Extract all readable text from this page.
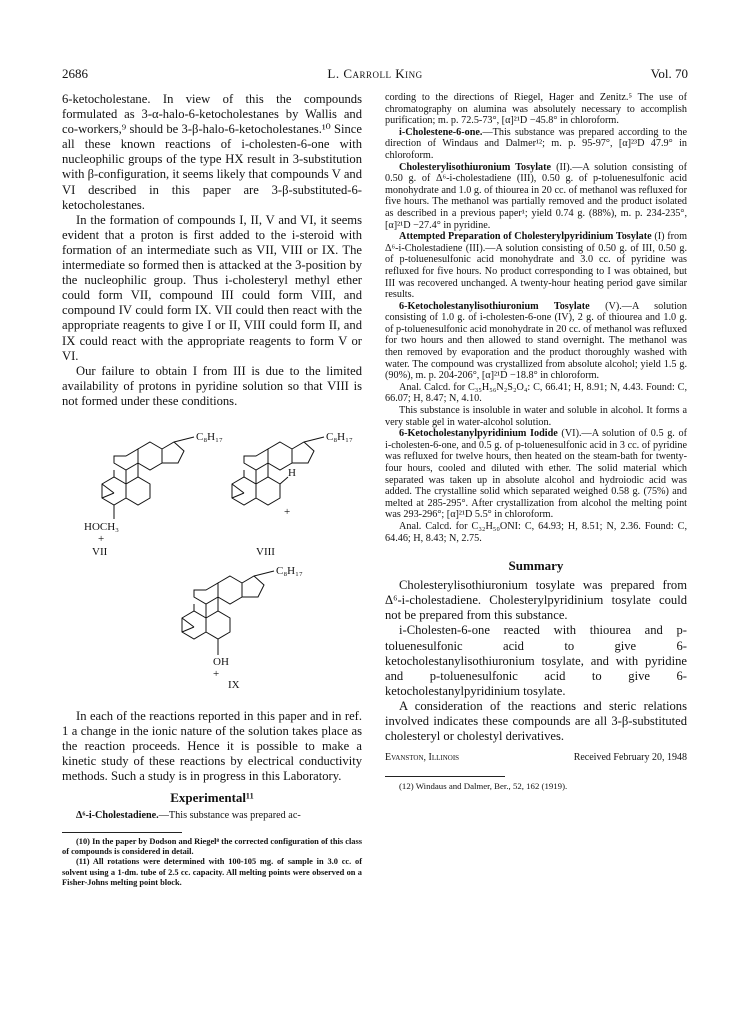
2686	L. Carroll King	Vol. 70

6-ketocholestane. In view of this the compounds formulated as 3-α-halo-6-ketocholestanes by Wallis and co-workers,⁹ should be 3-β-halo-6-ketocholestanes.¹⁰ Since all these known reactions of i-cholesten-6-one with nucleophilic groups of the type HX result in 3-substitution with β-configuration, it seems likely that compounds V and VI described in this paper are 3-β-substituted-6-ketocholestanes.

In the formation of compounds I, II, V and VI, it seems evident that a proton is first added to the i-steroid with formation of an intermediate such as VII, VIII or IX. The intermediate so formed then is attacked at the 3-position by the nucleophilic group. Thus i-cholesteryl methyl ether could form VII, compound III could form VIII, and compound IV could form IX. VII could then react with the appropriate reagents to give I or II, VIII could form II, and IX could react with the appropriate reagents to form V or VI.

Our failure to obtain I from III is due to the limited availability of protons in pyridine solution so that VIII is not formed under these conditions.

C₈H₁₇	C₈H₁₇
C₈H₁₇
HOCH₃
+
+
H
OH
+
VII	VIII
IX

In each of the reactions reported in this paper and in ref. 1 a change in the ionic nature of the solution takes place as the reaction proceeds. Hence it is possible to make a kinetic study of these reactions by electrical conductivity methods. Such a study is in progress in this Laboratory.

Experimental¹¹

Δ⁶-i-Cholestadiene.—This substance was prepared ac-

(10) In the paper by Dodson and Riegel⁸ the corrected configuration of this class of compounds is considered in detail.

(11) All rotations were determined with 100-105 mg. of sample in 3.0 cc. of solvent using a 1-dm. tube of 2.5 cc. capacity. All melting points were observed on a Fisher-Johns melting point block.

cording to the directions of Riegel, Hager and Zenitz.⁵ The use of chromatography on alumina was absolutely necessary to accomplish purification; m. p. 72.5-73°, [α]²¹D −45.8° in chloroform.

i-Cholestene-6-one.—This substance was prepared according to the direction of Windaus and Dalmer¹²; m. p. 95-97°, [α]²³D 47.9° in chloroform.

Cholesterylisothiuronium Tosylate (II).—A solution consisting of 0.50 g. of Δ⁶-i-cholestadiene (III), 0.50 g. of p-toluenesulfonic acid monohydrate and 1.0 g. of thiourea in 20 cc. of methanol was refluxed for five hours. The methanol was partially removed and the product isolated as described in a previous paper¹; yield 0.74 g. (88%), m. p. 234-235°, [α]²¹D −27.4° in pyridine.

Attempted Preparation of Cholesterylpyridinium Tosylate (I) from Δ⁶-i-Cholestadiene (III).—A solution consisting of 0.50 g. of III, 0.50 g. of p-toluenesulfonic acid monohydrate and 3.0 cc. of pyridine was refluxed for five hours. No product corresponding to I was obtained, but III was recovered unchanged. A twenty-hour heating period gave similar results.

6-Ketocholestanylisothiuronium Tosylate (V).—A solution consisting of 1.0 g. of i-cholesten-6-one (IV), 2 g. of thiourea and 1.0 g. of p-toluenesulfonic acid monohydrate in 20 cc. of methanol was refluxed for two hours and then allowed to stand overnight. The methanol was then removed by evaporation and the product thoroughly washed with water. The compound was crystallized from absolute alcohol; yield 1.5 g. (90%), m. p. 204-206°, [α]²¹D −18.8° in chloroform.

Anal. Calcd. for C₃₅H₅₆N₂S₂O₄: C, 66.41; H, 8.91; N, 4.43. Found: C, 66.07; H, 8.47; N, 4.10.

This substance is insoluble in water and soluble in alcohol. It forms a very stable gel in water-alcohol solution.

6-Ketocholestanylpyridinium Iodide (VI).—A solution of 0.5 g. of i-cholesten-6-one, and 0.5 g. of p-toluenesulfonic acid in 3 cc. of pyridine was refluxed for twelve hours, then heated on the steam-bath for twenty-four hours, cooled and diluted with ether. The solid material which separated was taken up in absolute alcohol and hydroiodic acid was added. The crystalline solid which separated weighed 0.58 g. (75%) and melted at 285-295°. After crystallization from alcohol the melting point was 293-296°; [α]²¹D 5.5° in chloroform.

Anal. Calcd. for C₃₂H₅₀ONI: C, 64.93; H, 8.51; N, 2.36. Found: C, 64.46; H, 8.43; N, 2.75.

Summary

Cholesterylisothiuronium tosylate was prepared from Δ⁶-i-cholestadiene. Cholesterylpyridinium tosylate could not be prepared from this substance.

i-Cholesten-6-one reacted with thiourea and p-toluenesulfonic acid to give 6-ketocholestanylisothiuronium tosylate, and with pyridine and p-toluenesulfonic acid to give 6-ketocholestanylpyridinium tosylate.

A consideration of the reactions and steric relations involved indicates these compounds are all 3-β-substituted cholesteryl or cholestyl derivatives.

Evanston, Illinois	Received February 20, 1948

(12) Windaus and Dalmer, Ber., 52, 162 (1919).
